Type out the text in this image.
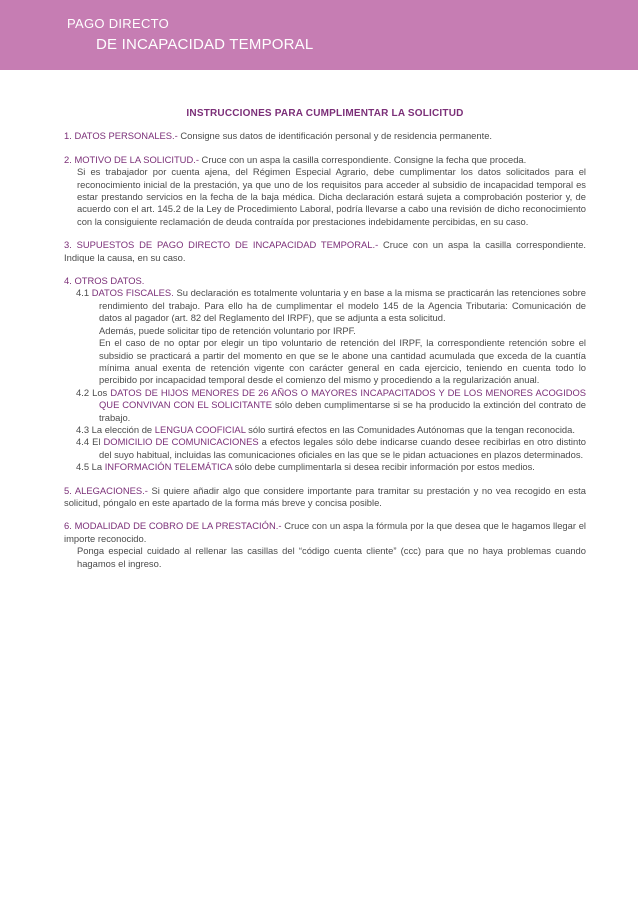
PAGO DIRECTO
DE INCAPACIDAD TEMPORAL
INSTRUCCIONES PARA CUMPLIMENTAR LA SOLICITUD

1. DATOS PERSONALES.- Consigne sus datos de identificación personal y de residencia permanente.

2. MOTIVO DE LA SOLICITUD.- Cruce con un aspa la casilla correspondiente. Consigne la fecha que proceda.

Si es trabajador por cuenta ajena, del Régimen Especial Agrario, debe cumplimentar los datos solicitados para el reconocimiento inicial de la prestación, ya que uno de los requisitos para acceder al subsidio de incapacidad temporal es estar prestando servicios en la fecha de la baja médica. Dicha declaración estará sujeta a comprobación posterior y, de acuerdo con el art. 145.2 de la Ley de Procedimiento Laboral, podría llevarse a cabo una revisión de dicho reconocimiento con la consiguiente reclamación de deuda contraída por prestaciones indebidamente percibidas, en su caso.

3. SUPUESTOS DE PAGO DIRECTO DE INCAPACIDAD TEMPORAL.- Cruce con un aspa la casilla correspondiente. Indique la causa, en su caso.

4. OTROS DATOS.

4.1 DATOS FISCALES. Su declaración es totalmente voluntaria y en base a la misma se practicarán las retenciones sobre rendimiento del trabajo. Para ello ha de cumplimentar el modelo 145 de la Agencia Tributaria: Comunicación de datos al pagador (art. 82 del Reglamento del IRPF), que se adjunta a esta solicitud.

Además, puede solicitar tipo de retención voluntario por IRPF.

En el caso de no optar por elegir un tipo voluntario de retención del IRPF, la correspondiente retención sobre el subsidio se practicará a partir del momento en que se le abone una cantidad acumulada que exceda de la cuantía mínima anual exenta de retención vigente con carácter general en cada ejercicio, teniendo en cuenta todo lo percibido por incapacidad temporal desde el comienzo del mismo y procediendo a la regularización anual.

4.2 Los DATOS DE HIJOS MENORES DE 26 AÑOS O MAYORES INCAPACITADOS Y DE LOS MENORES ACOGIDOS QUE CONVIVAN CON EL SOLICITANTE sólo deben cumplimentarse si se ha producido la extinción del contrato de trabajo.

4.3 La elección de LENGUA COOFICIAL sólo surtirá efectos en las Comunidades Autónomas que la tengan reconocida.

4.4 El DOMICILIO DE COMUNICACIONES a efectos legales sólo debe indicarse cuando desee recibirlas en otro distinto del suyo habitual, incluidas las comunicaciones oficiales en las que se le pidan actuaciones en plazos determinados.

4.5 La INFORMACIÓN TELEMÁTICA sólo debe cumplimentarla si desea recibir información por estos medios.

5. ALEGACIONES.- Si quiere añadir algo que considere importante para tramitar su prestación y no vea recogido en esta solicitud, póngalo en este apartado de la forma más breve y concisa posible.

6. MODALIDAD DE COBRO DE LA PRESTACIÓN.- Cruce con un aspa la fórmula por la que desea que le hagamos llegar el importe reconocido.

Ponga especial cuidado al rellenar las casillas del “código cuenta cliente” (ccc) para que no haya problemas cuando hagamos el ingreso.
